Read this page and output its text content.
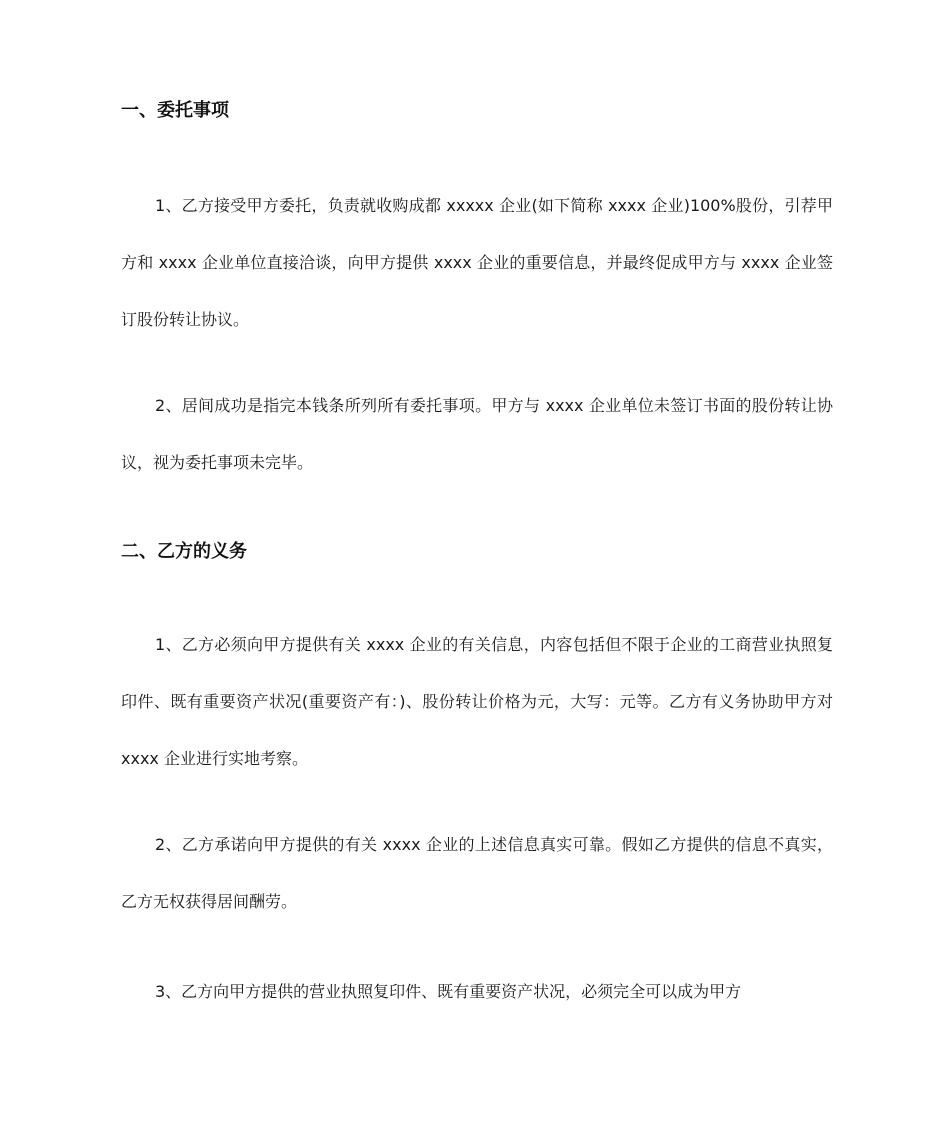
一、委托事项

1、乙方接受甲方委托，负责就收购成都 xxxxx 企业(如下简称 xxxx 企业)100%股份，引荐甲方和 xxxx 企业单位直接洽谈，向甲方提供 xxxx 企业的重要信息，并最终促成甲方与 xxxx 企业签订股份转让协议。

2、居间成功是指完本钱条所列所有委托事项。甲方与 xxxx 企业单位未签订书面的股份转让协议，视为委托事项未完毕。

二、乙方的义务

1、乙方必须向甲方提供有关 xxxx 企业的有关信息，内容包括但不限于企业的工商营业执照复印件、既有重要资产状况(重要资产有：)、股份转让价格为元，大写：元等。乙方有义务协助甲方对 xxxx 企业进行实地考察。

2、乙方承诺向甲方提供的有关 xxxx 企业的上述信息真实可靠。假如乙方提供的信息不真实，乙方无权获得居间酬劳。

3、乙方向甲方提供的营业执照复印件、既有重要资产状况，必须完全可以成为甲方
